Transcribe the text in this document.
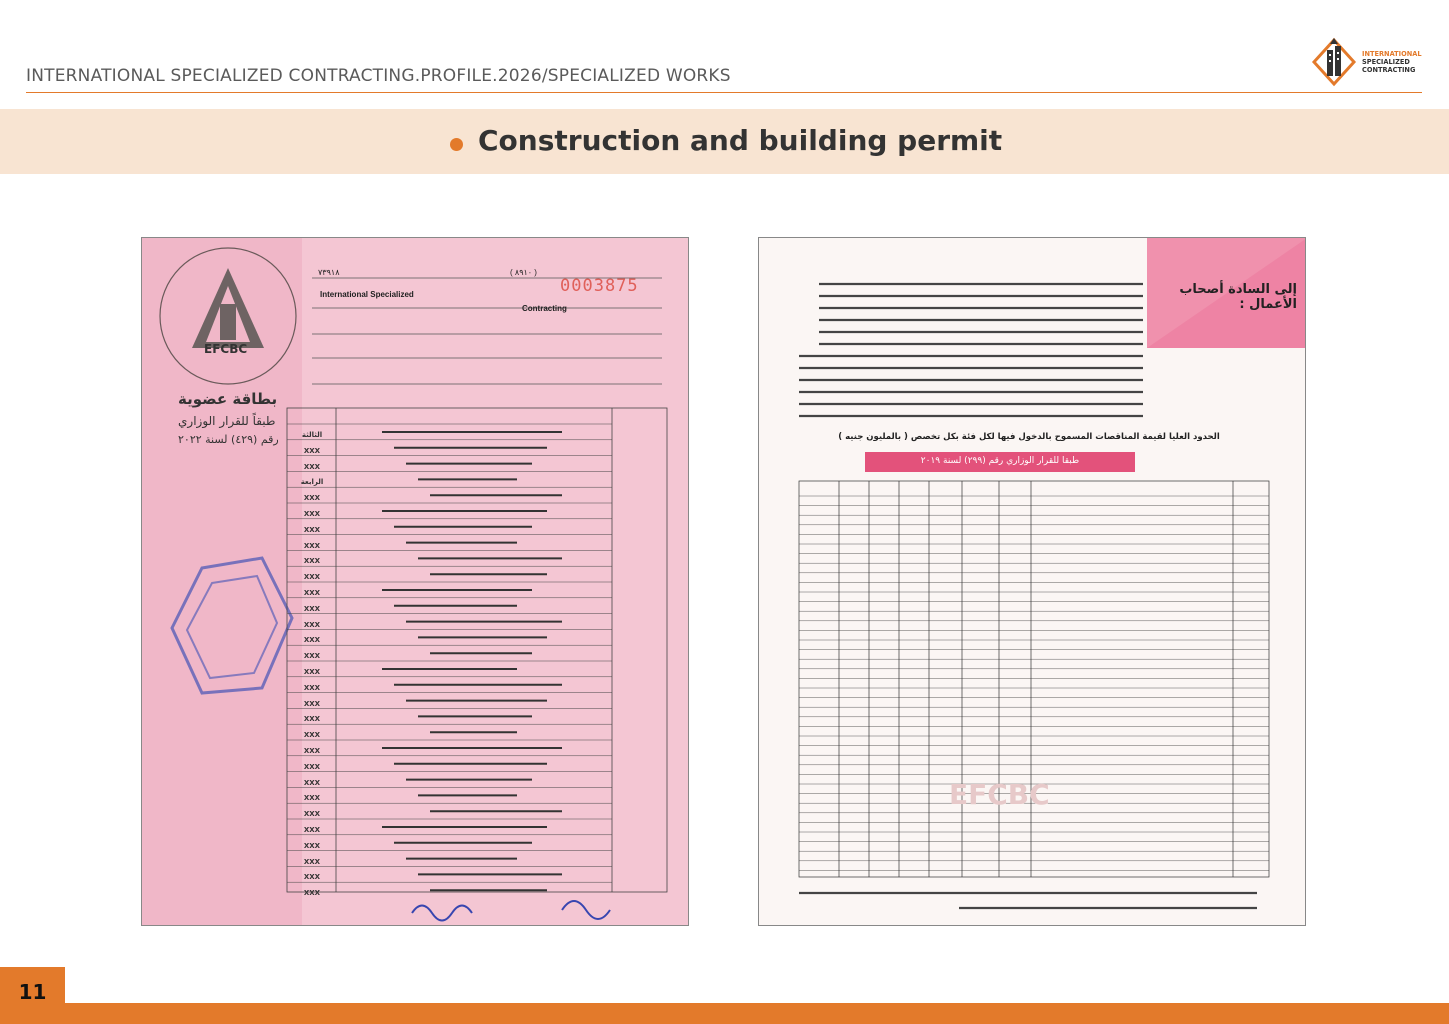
INTERNATIONAL SPECIALIZED CONTRACTING.PROFILE.2026/SPECIALIZED WORKS
INTERNATIONAL
SPECIALIZED
CONTRACTING
Construction and building permit
0003875
EFCBC
International Specialized
Contracting
٧٣٩١٨	( ٨٩١٠ )
بطاقة عضوية
طبقاً للقرار الوزاري
رقم (٤٢٩) لسنة ٢٠٢٢	الثالثة
XXX
XXX
الرابعة
XXX
XXX
XXX
XXX
XXX
XXX
XXX
XXX
XXX
XXX
XXX
XXX
XXX
XXX
XXX
XXX
XXX
XXX
XXX
XXX
XXX
XXX
XXX
XXX
XXX
XXX
إلى السادة أصحاب الأعمال :
الحدود العليا لقيمة المناقصات المسموح بالدخول فيها لكل فئة بكل تخصص ( بالمليون جنيه )
طبقا للقرار الوزاري رقم (٢٩٩) لسنة ٢٠١٩
EFCBC
11
